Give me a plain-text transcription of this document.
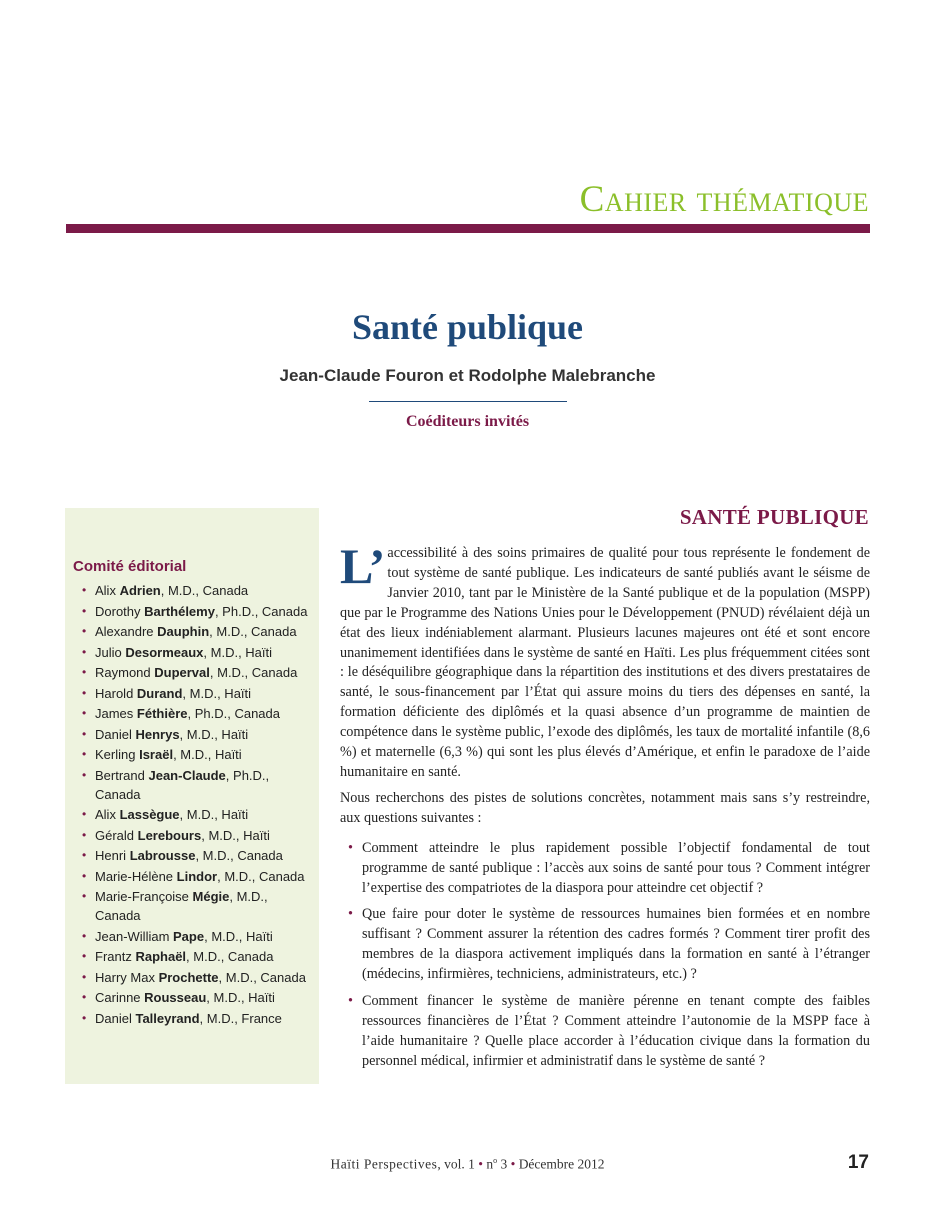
Cahier thématique
Santé publique
Jean-Claude Fouron et Rodolphe Malebranche
Coéditeurs invités
Comité éditorial
• Alix Adrien, M.D., Canada
• Dorothy Barthélemy, Ph.D., Canada
• Alexandre Dauphin, M.D., Canada
• Julio Desormeaux, M.D., Haïti
• Raymond Duperval, M.D., Canada
• Harold Durand, M.D., Haïti
• James Féthière, Ph.D., Canada
• Daniel Henrys, M.D., Haïti
• Kerling Israël, M.D., Haïti
• Bertrand Jean-Claude, Ph.D., Canada
• Alix Lassègue, M.D., Haïti
• Gérald Lerebours, M.D., Haïti
• Henri Labrousse, M.D., Canada
• Marie-Hélène Lindor, M.D., Canada
• Marie-Françoise Mégie, M.D., Canada
• Jean-William Pape, M.D., Haïti
• Frantz Raphaël, M.D., Canada
• Harry Max Prochette, M.D., Canada
• Carinne Rousseau, M.D., Haïti
• Daniel Talleyrand, M.D., France
SANTÉ PUBLIQUE

L’ accessibilité à des soins primaires de qualité pour tous représente le fondement de tout système de santé publique. Les indicateurs de santé publiés avant le séisme de Janvier 2010, tant par le Ministère de la Santé publique et de la population (MSPP) que par le Programme des Nations Unies pour le Développement (PNUD) révélaient déjà un état des lieux indéniablement alarmant. Plusieurs lacunes majeures ont été et sont encore unanimement identifiées dans le système de santé en Haïti. Les plus fréquemment citées sont : le déséquilibre géographique dans la répartition des institutions et des divers prestataires de santé, le sous-financement par l’État qui assure moins du tiers des dépenses en santé, la formation déficiente des diplômés et la quasi absence d’un programme de maintien de compétence dans le système public, l’exode des diplômés, les taux de mortalité infantile (8,6 %) et maternelle (6,3 %) qui sont les plus élevés d’Amérique, et enfin le paradoxe de l’aide humanitaire en santé.

Nous recherchons des pistes de solutions concrètes, notamment mais sans s’y restreindre, aux questions suivantes :

• Comment atteindre le plus rapidement possible l’objectif fondamental de tout programme de santé publique : l’accès aux soins de santé pour tous ? Comment intégrer l’expertise des compatriotes de la diaspora pour atteindre cet objectif ?
• Que faire pour doter le système de ressources humaines bien formées et en nombre suffisant ? Comment assurer la rétention des cadres formés ? Comment tirer profit des membres de la diaspora activement impliqués dans la formation en santé à l’étranger (médecins, infirmières, techniciens, administrateurs, etc.) ?
• Comment financer le système de manière pérenne en tenant compte des faibles ressources financières de l’État ? Comment atteindre l’autonomie de la MSPP face à l’aide humanitaire ? Quelle place accorder à l’éducation civique dans la formation du personnel médical, infirmier et administratif dans le système de santé ?
Haïti Perspectives, vol. 1 • $n^o$ 3 • Décembre 2012	17
